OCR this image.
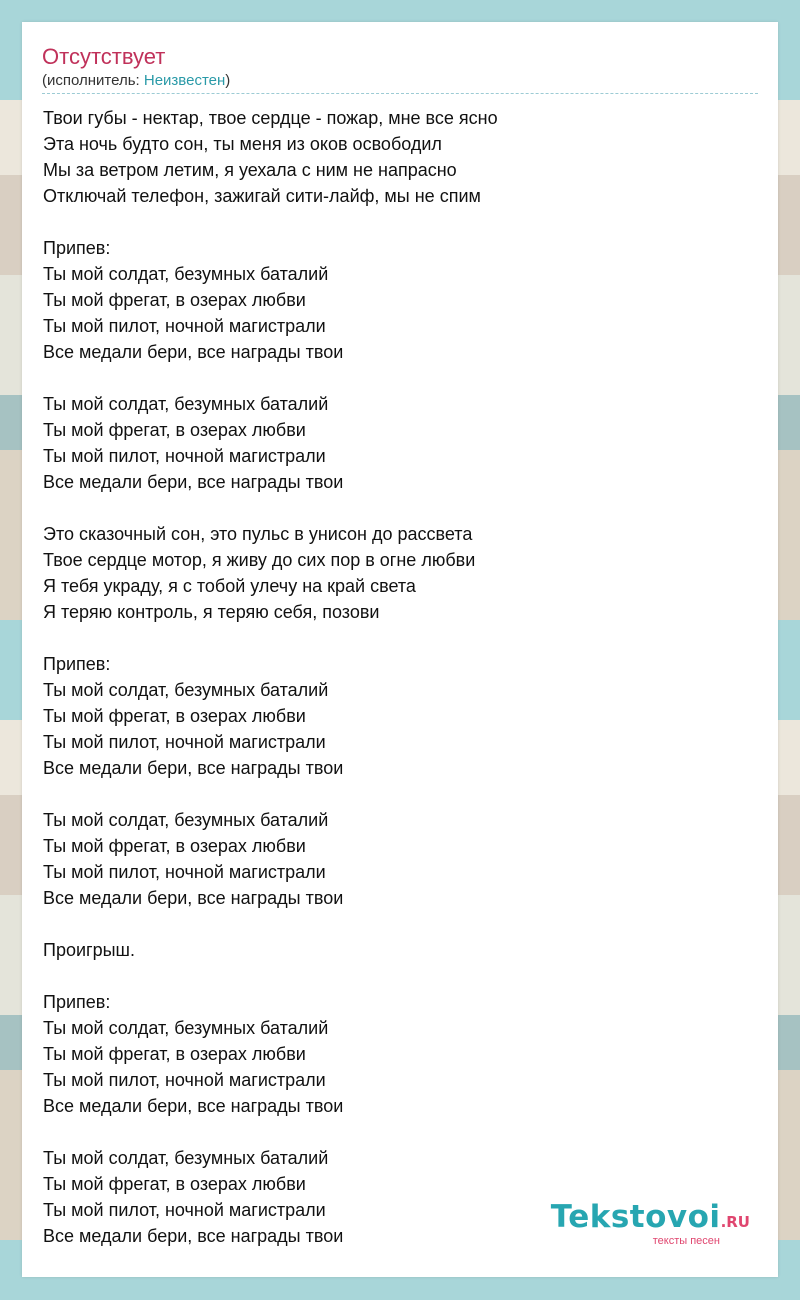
Отсутствует
(исполнитель: Неизвестен)
Твои губы - нектар, твое сердце - пожар, мне все ясно
Эта ночь будто сон, ты меня из оков освободил
Мы за ветром летим, я уехала с ним не напрасно
Отключай телефон, зажигай сити-лайф, мы не спим
Припев:
Ты мой солдат, безумных баталий
Ты мой фрегат, в озерах любви
Ты мой пилот, ночной магистрали
Все медали бери, все награды твои
Ты мой солдат, безумных баталий
Ты мой фрегат, в озерах любви
Ты мой пилот, ночной магистрали
Все медали бери, все награды твои
Это сказочный сон, это пульс в унисон до рассвета
Твое сердце мотор, я живу до сих пор в огне любви
Я тебя украду, я с тобой улечу на край света
Я теряю контроль, я теряю себя, позови
Припев:
Ты мой солдат, безумных баталий
Ты мой фрегат, в озерах любви
Ты мой пилот, ночной магистрали
Все медали бери, все награды твои
Ты мой солдат, безумных баталий
Ты мой фрегат, в озерах любви
Ты мой пилот, ночной магистрали
Все медали бери, все награды твои
Проигрыш.
Припев:
Ты мой солдат, безумных баталий
Ты мой фрегат, в озерах любви
Ты мой пилот, ночной магистрали
Все медали бери, все награды твои
Ты мой солдат, безумных баталий
Ты мой фрегат, в озерах любви
Ты мой пилот, ночной магистрали
Все медали бери, все награды твои
Tekstovoi.RU
тексты песен
